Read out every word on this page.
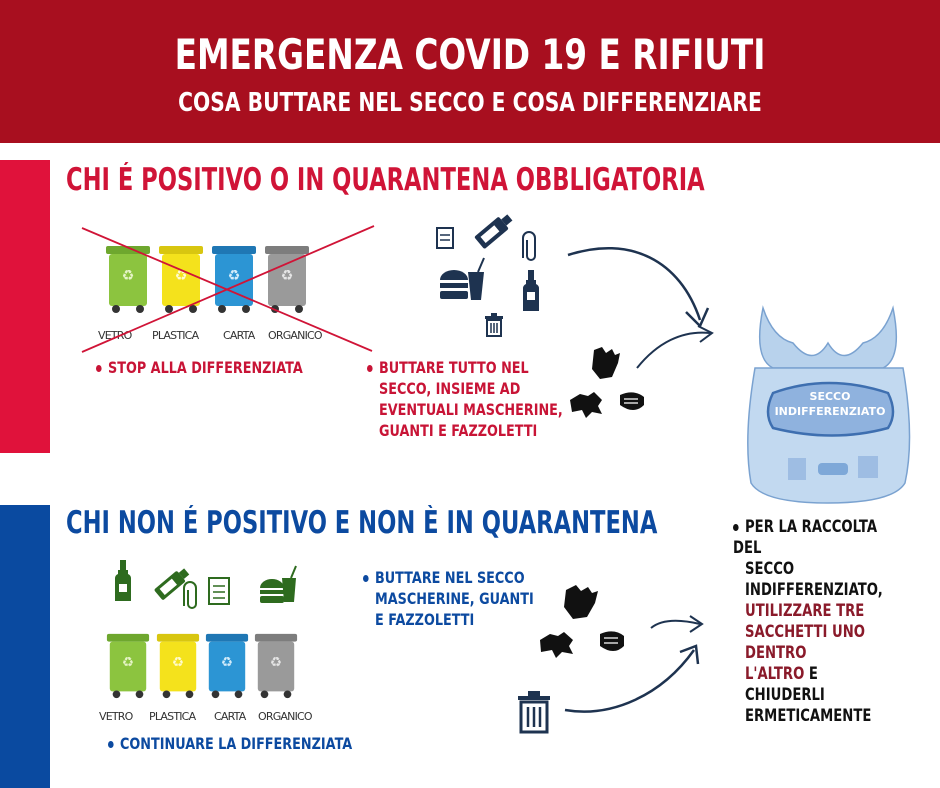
EMERGENZA COVID 19 E RIFIUTI
COSA BUTTARE NEL SECCO E COSA DIFFERENZIARE
CHI É POSITIVO O IN QUARANTENA OBBLIGATORIA
CHI NON É POSITIVO E NON È IN QUARANTENA
♻	♻	♻	♻
VETRO PLASTICA CARTA ORGANICO
STOP ALLA DIFFERENZIATA	BUTTARE TUTTO NEL
SECCO, INSIEME AD
EVENTUALI MASCHERINE,
GUANTI E FAZZOLETTI
SECCO
INDIFFERENZIATO
PER LA RACCOLTA DEL
SECCO INDIFFERENZIATO,
UTILIZZARE TRE
SACCHETTI UNO DENTRO
L'ALTRO E CHIUDERLI
ERMETICAMENTE
♻	♻	♻	♻
VETRO PLASTICA CARTA ORGANICO
CONTINUARE LA DIFFERENZIATA
BUTTARE NEL SECCO
MASCHERINE, GUANTI
E FAZZOLETTI
